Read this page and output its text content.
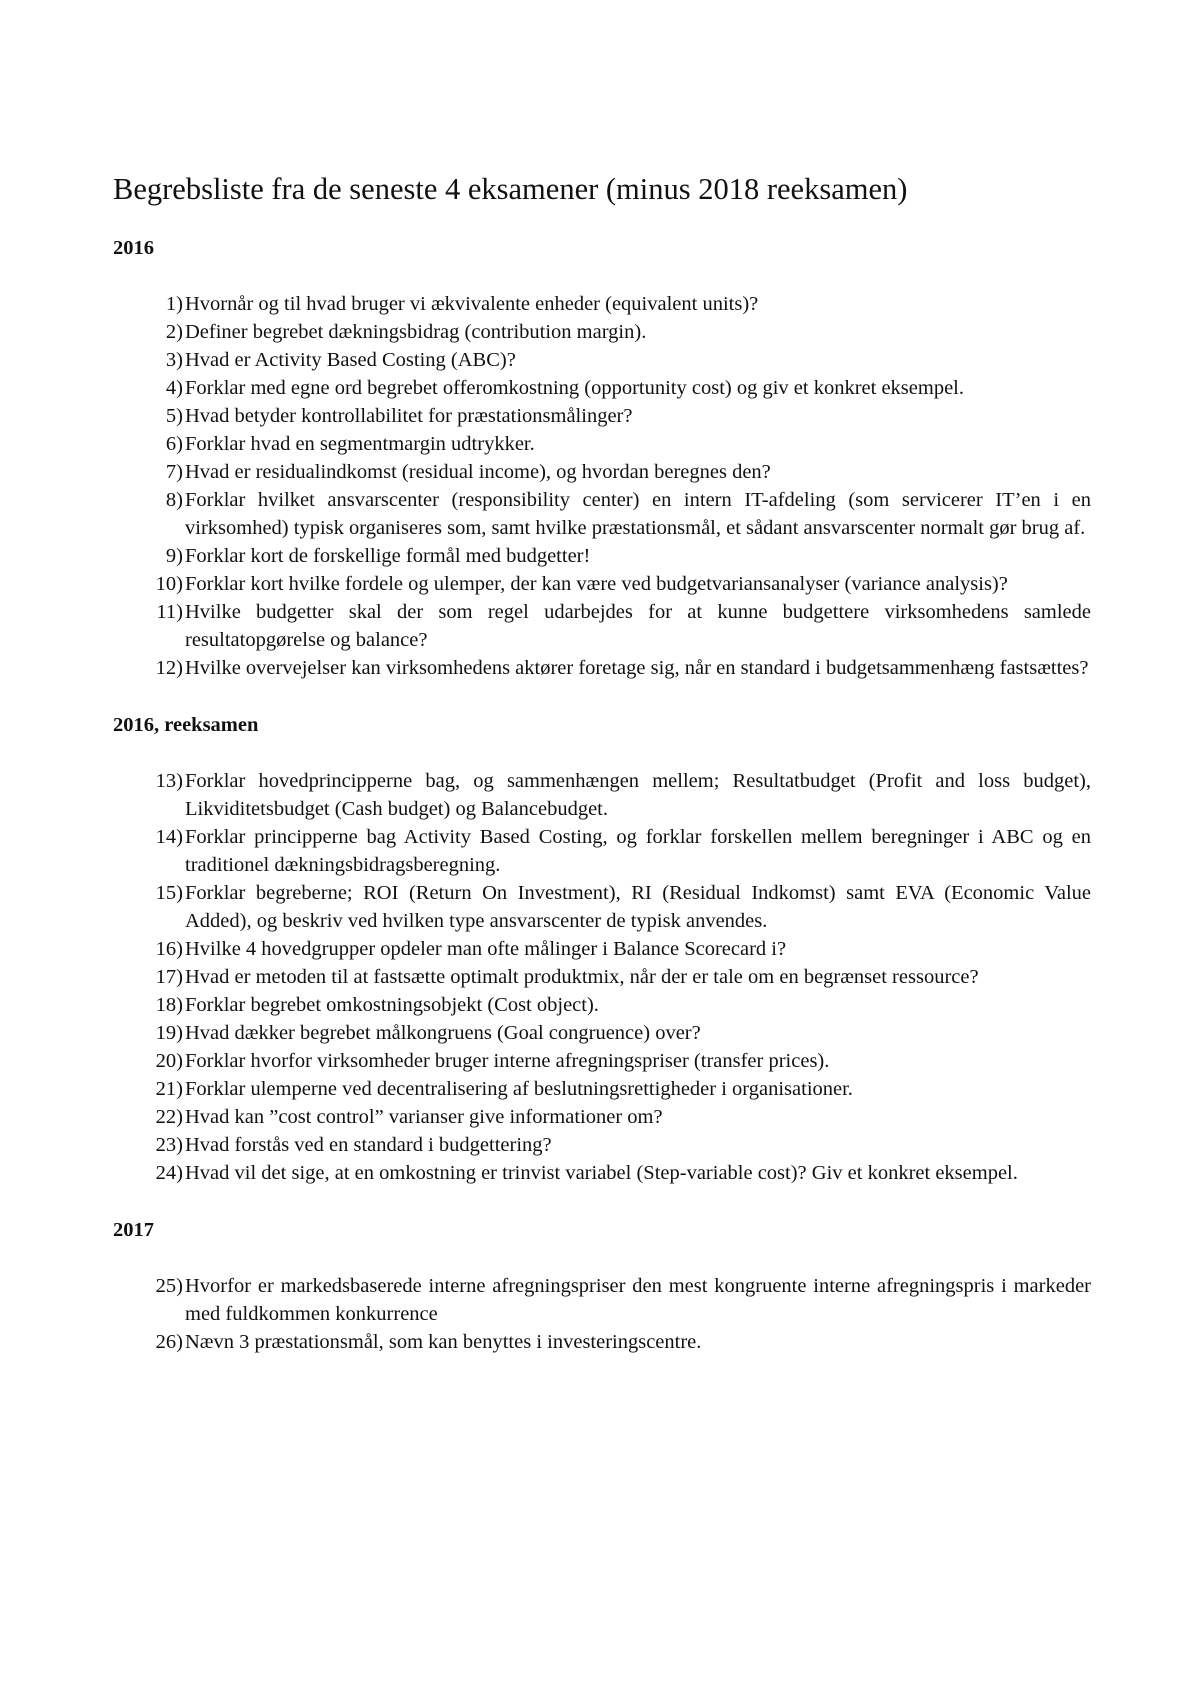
Begrebsliste fra de seneste 4 eksamener (minus 2018 reeksamen)
2016
1) Hvornår og til hvad bruger vi ækvivalente enheder (equivalent units)?
2) Definer begrebet dækningsbidrag (contribution margin).
3) Hvad er Activity Based Costing (ABC)?
4) Forklar med egne ord begrebet offeromkostning (opportunity cost) og giv et konkret eksempel.
5) Hvad betyder kontrollabilitet for præstationsmålinger?
6) Forklar hvad en segmentmargin udtrykker.
7) Hvad er residualindkomst (residual income), og hvordan beregnes den?
8) Forklar hvilket ansvarscenter (responsibility center) en intern IT-afdeling (som servicerer IT’en i en virksomhed) typisk organiseres som, samt hvilke præstationsmål, et sådant ansvarscenter normalt gør brug af.
9) Forklar kort de forskellige formål med budgetter!
10) Forklar kort hvilke fordele og ulemper, der kan være ved budgetvariansanalyser (variance analysis)?
11) Hvilke budgetter skal der som regel udarbejdes for at kunne budgettere virksomhedens samlede resultatopgørelse og balance?
12) Hvilke overvejelser kan virksomhedens aktører foretage sig, når en standard i budgetsammenhæng fastsættes?
2016, reeksamen
13) Forklar hovedprincipperne bag, og sammenhængen mellem; Resultatbudget (Profit and loss budget), Likviditetsbudget (Cash budget) og Balancebudget.
14) Forklar principperne bag Activity Based Costing, og forklar forskellen mellem beregninger i ABC og en traditionel dækningsbidragsberegning.
15) Forklar begreberne; ROI (Return On Investment), RI (Residual Indkomst) samt EVA (Economic Value Added), og beskriv ved hvilken type ansvarscenter de typisk anvendes.
16) Hvilke 4 hovedgrupper opdeler man ofte målinger i Balance Scorecard i?
17) Hvad er metoden til at fastsætte optimalt produktmix, når der er tale om en begrænset ressource?
18) Forklar begrebet omkostningsobjekt (Cost object).
19) Hvad dækker begrebet målkongruens (Goal congruence) over?
20) Forklar hvorfor virksomheder bruger interne afregningspriser (transfer prices).
21) Forklar ulemperne ved decentralisering af beslutningsrettigheder i organisationer.
22) Hvad kan ”cost control” varianser give informationer om?
23) Hvad forstås ved en standard i budgettering?
24) Hvad vil det sige, at en omkostning er trinvist variabel (Step-variable cost)? Giv et konkret eksempel.
2017
25) Hvorfor er markedsbaserede interne afregningspriser den mest kongruente interne afregningspris i markeder med fuldkommen konkurrence
26) Nævn 3 præstationsmål, som kan benyttes i investeringscentre.
